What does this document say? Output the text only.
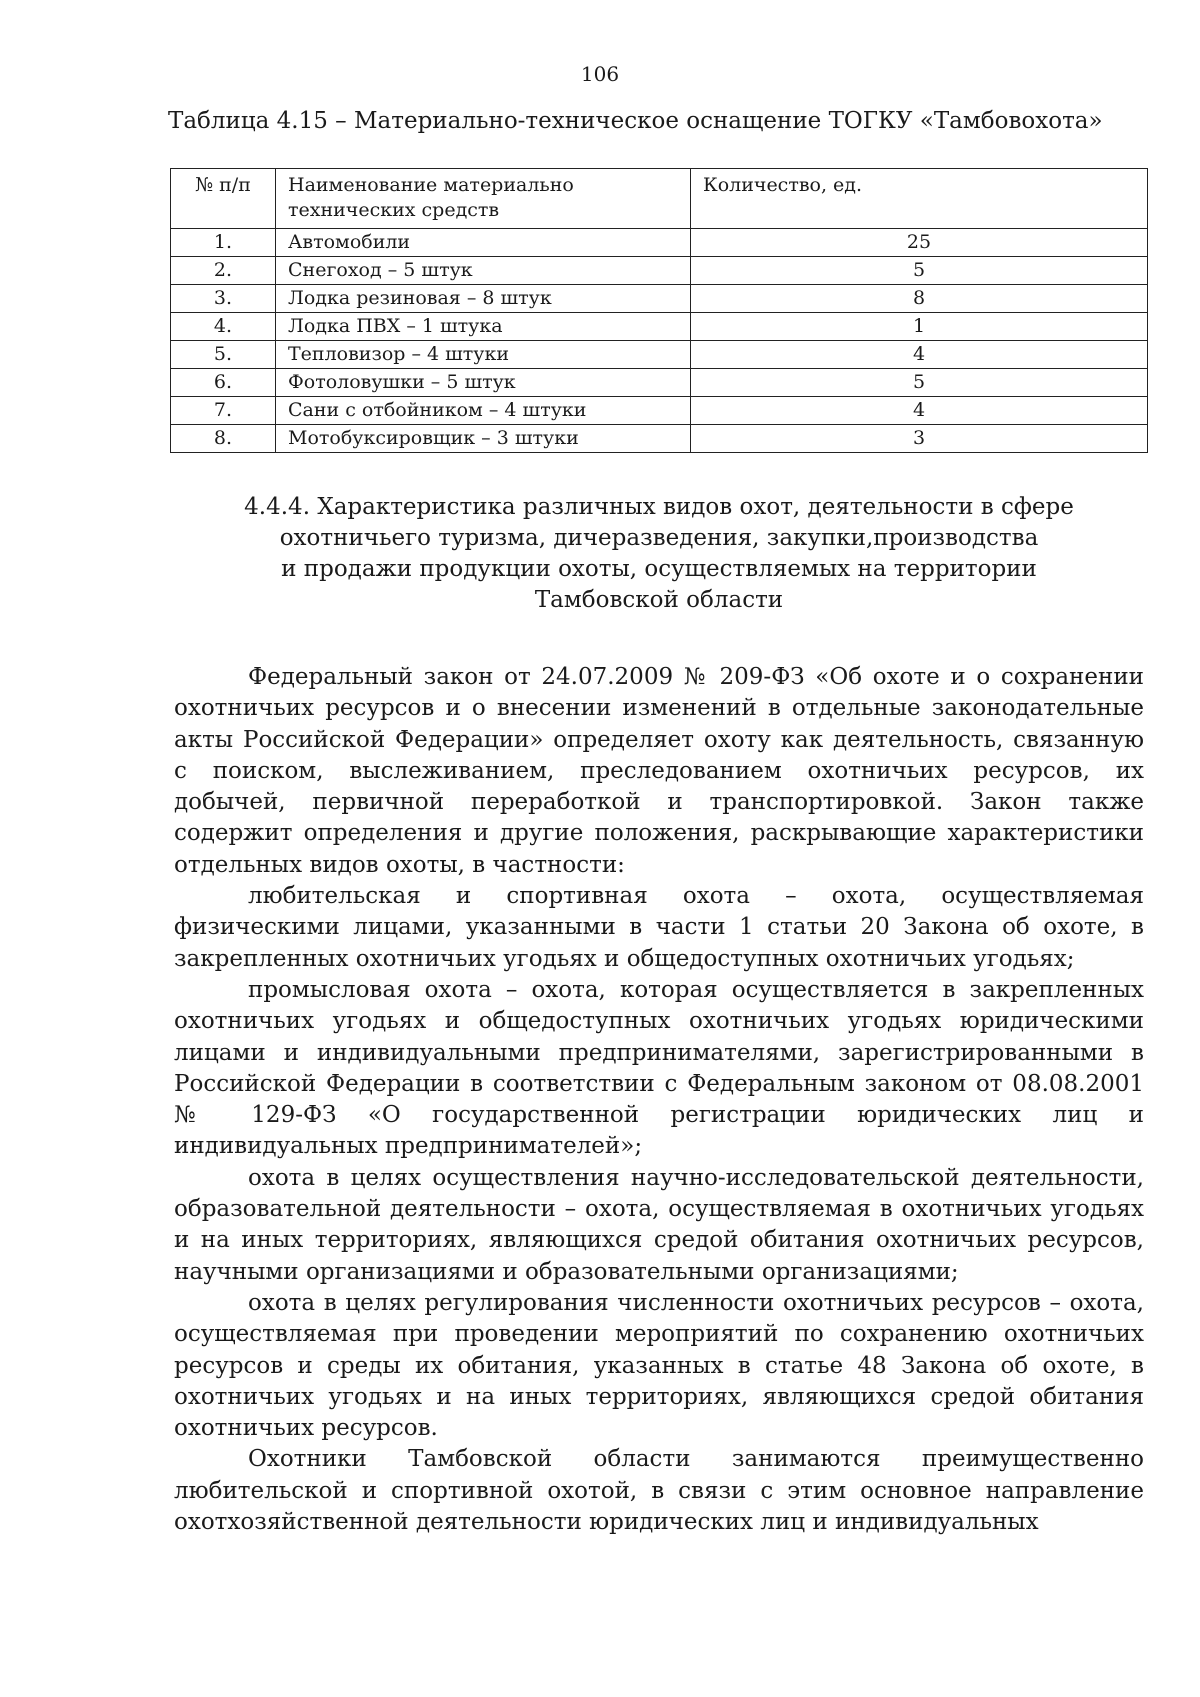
106
Таблица 4.15 – Материально-техническое оснащение ТОГКУ «Тамбовохота»
№ п/п	Наименование материально технических средств	Количество, ед.
1.	Автомобили	25
2.	Снегоход – 5 штук	5
3.	Лодка резиновая – 8 штук	8
4.	Лодка ПВХ – 1 штука	1
5.	Тепловизор – 4 штуки	4
6.	Фотоловушки – 5 штук	5
7.	Сани с отбойником – 4 штуки	4
8.	Мотобуксировщик – 3 штуки	3
4.4.4. Характеристика различных видов охот, деятельности в сфере
охотничьего туризма, дичеразведения, закупки,производства
и продажи продукции охоты, осуществляемых на территории
Тамбовской области

Федеральный закон от 24.07.2009 № 209-ФЗ «Об охоте и о сохранении охотничьих ресурсов и о внесении изменений в отдельные законодательные акты Российской Федерации» определяет охоту как деятельность, связанную с поиском, выслеживанием, преследованием охотничьих ресурсов, их добычей, первичной переработкой и транспортировкой. Закон также содержит определения и другие положения, раскрывающие характеристики отдельных видов охоты, в частности:

любительская и спортивная охота – охота, осуществляемая физическими лицами, указанными в части 1 статьи 20 Закона об охоте, в закрепленных охотничьих угодьях и общедоступных охотничьих угодьях;

промысловая охота – охота, которая осуществляется в закрепленных охотничьих угодьях и общедоступных охотничьих угодьях юридическими лицами и индивидуальными предпринимателями, зарегистрированными в Российской Федерации в соответствии с Федеральным законом от 08.08.2001 № 129-ФЗ «О государственной регистрации юридических лиц и индивидуальных предпринимателей»;

охота в целях осуществления научно-исследовательской деятельности, образовательной деятельности – охота, осуществляемая в охотничьих угодьях и на иных территориях, являющихся средой обитания охотничьих ресурсов, научными организациями и образовательными организациями;

охота в целях регулирования численности охотничьих ресурсов – охота, осуществляемая при проведении мероприятий по сохранению охотничьих ресурсов и среды их обитания, указанных в статье 48 Закона об охоте, в охотничьих угодьях и на иных территориях, являющихся средой обитания охотничьих ресурсов.

Охотники Тамбовской области занимаются преимущественно любительской и спортивной охотой, в связи с этим основное направление охотхозяйственной деятельности юридических лиц и индивидуальных
